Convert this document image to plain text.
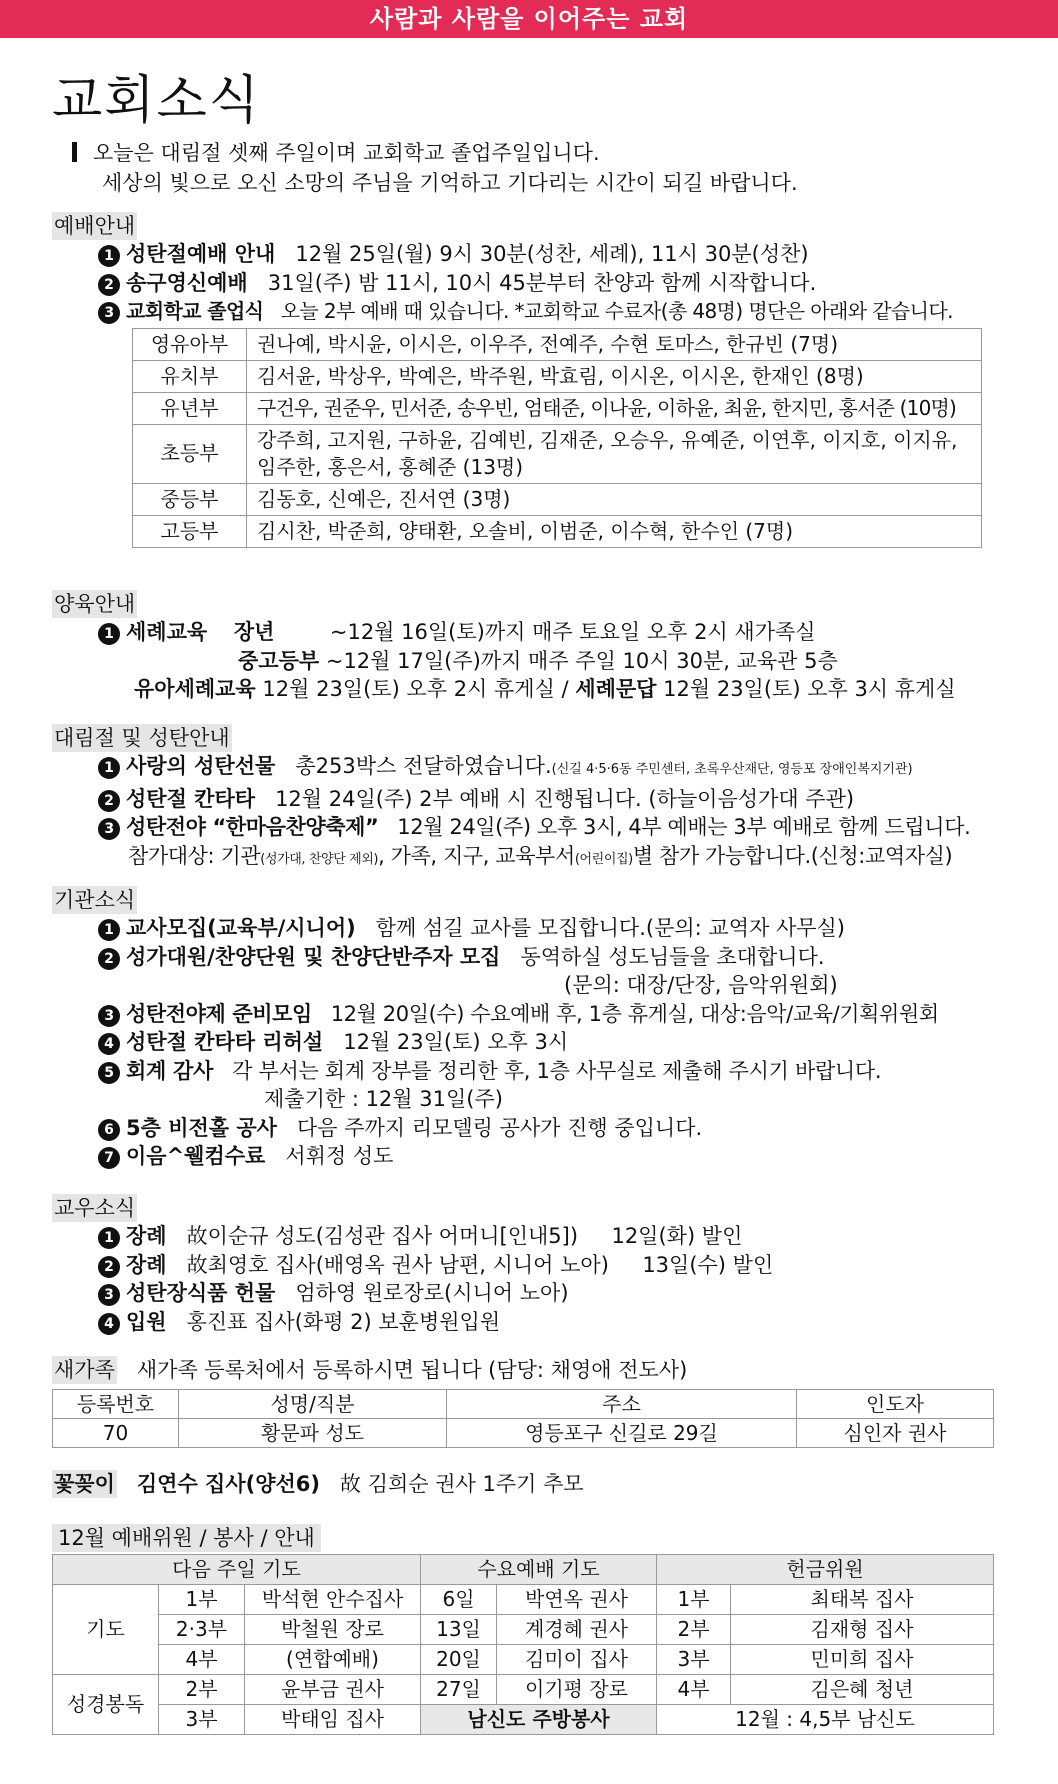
사람과 사람을 이어주는 교회
교회소식
오늘은 대림절 셋째 주일이며 교회학교 졸업주일입니다.
세상의 빛으로 오신 소망의 주님을 기억하고 기다리는 시간이 되길 바랍니다.
예배안내
1 성탄절예배 안내 12월 25일(월) 9시 30분(성찬, 세례), 11시 30분(성찬)
2 송구영신예배 31일(주) 밤 11시, 10시 45분부터 찬양과 함께 시작합니다.
3 교회학교 졸업식 오늘 2부 예배 때 있습니다. *교회학교 수료자(총 48명) 명단은 아래와 같습니다.
영유아부	권나예, 박시윤, 이시은, 이우주, 전예주, 수현 토마스, 한규빈 (7명)
유치부	김서윤, 박상우, 박예은, 박주원, 박효림, 이시온, 이시온, 한재인 (8명)
유년부	구건우, 권준우, 민서준, 송우빈, 엄태준, 이나윤, 이하윤, 최윤, 한지민, 홍서준 (10명)
초등부	강주희, 고지원, 구하윤, 김예빈, 김재준, 오승우, 유예준, 이연후, 이지호, 이지유, 임주한, 홍은서, 홍혜준 (13명)
중등부	김동호, 신예은, 진서연 (3명)
고등부	김시찬, 박준희, 양태환, 오솔비, 이범준, 이수혁, 한수인 (7명)
양육안내
1 세례교육 장년	~12월 16일(토)까지 매주 토요일 오후 2시 새가족실
중고등부 ~12월 17일(주)까지 매주 주일 10시 30분, 교육관 5층
유아세례교육 12월 23일(토) 오후 2시 휴게실 / 세례문답 12월 23일(토) 오후 3시 휴게실
대림절 및 성탄안내
1 사랑의 성탄선물 총253박스 전달하였습니다.(신길 4·5·6동 주민센터, 초록우산재단, 영등포 장애인복지기관)
2 성탄절 칸타타 12월 24일(주) 2부 예배 시 진행됩니다. (하늘이음성가대 주관)
3 성탄전야 “한마음찬양축제” 12월 24일(주) 오후 3시, 4부 예배는 3부 예배로 함께 드립니다.
참가대상: 기관(성가대, 찬양단 제외), 가족, 지구, 교육부서(어린이집)별 참가 가능합니다.(신청:교역자실)
기관소식
1 교사모집(교육부/시니어) 함께 섬길 교사를 모집합니다.(문의: 교역자 사무실)
2 성가대원/찬양단원 및 찬양단반주자 모집 동역하실 성도님들을 초대합니다.
(문의: 대장/단장, 음악위원회)
3 성탄전야제 준비모임 12월 20일(수) 수요예배 후, 1층 휴게실, 대상:음악/교육/기획위원회
4 성탄절 칸타타 리허설 12월 23일(토) 오후 3시
5 회계 감사 각 부서는 회계 장부를 정리한 후, 1층 사무실로 제출해 주시기 바랍니다.
제출기한 : 12월 31일(주)
6 5층 비전홀 공사 다음 주까지 리모델링 공사가 진행 중입니다.
7 이음^웰컴수료 서휘정 성도
교우소식
1 장례 故이순규 성도(김성관 집사 어머니[인내5]) 12일(화) 발인
2 장례 故최영호 집사(배영옥 권사 남편, 시니어 노아) 13일(수) 발인
3 성탄장식품 헌물 엄하영 원로장로(시니어 노아)
4 입원 홍진표 집사(화평 2) 보훈병원입원
새가족 새가족 등록처에서 등록하시면 됩니다 (담당: 채영애 전도사)
등록번호	성명/직분	주소	인도자
70	황문파 성도	영등포구 신길로 29길	심인자 권사
꽃꽂이 김연수 집사(양선6) 故 김희순 권사 1주기 추모
12월 예배위원 / 봉사 / 안내
다음 주일 기도			수요예배 기도		헌금위원	
기도	1부	박석현 안수집사	6일	박연옥 권사	1부	최태복 집사
	2·3부	박철원 장로	13일	계경혜 권사	2부	김재형 집사
	4부	(연합예배)	20일	김미이 집사	3부	민미희 집사
성경봉독	2부	윤부금 권사	27일	이기평 장로	4부	김은혜 청년
	3부	박태임 집사	남신도 주방봉사		12월 : 4,5부 남신도	
